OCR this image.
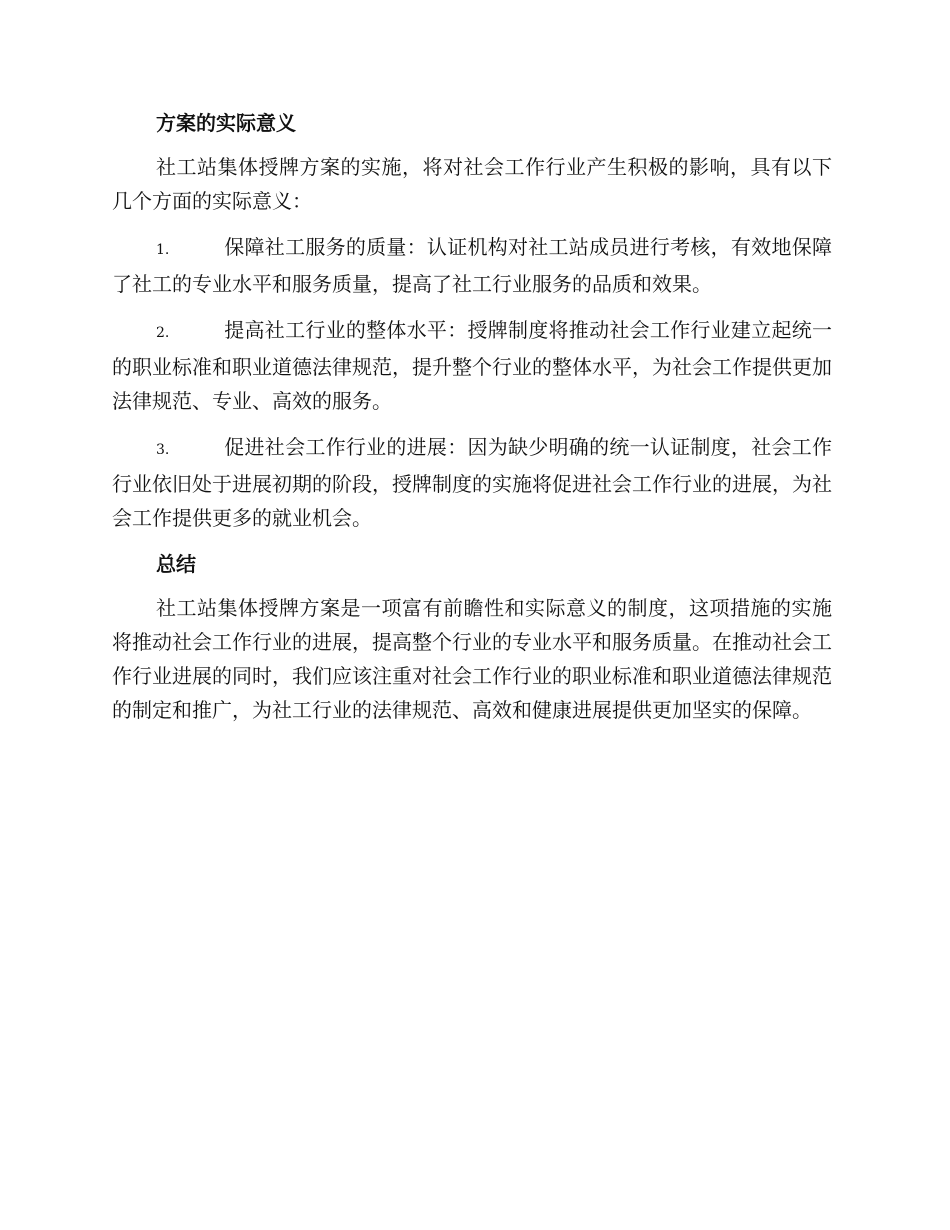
方案的实际意义

社工站集体授牌方案的实施，将对社会工作行业产生积极的影响，具有以下几个方面的实际意义：

1.	保障社工服务的质量：认证机构对社工站成员进行考核，有效地保障了社工的专业水平和服务质量，提高了社工行业服务的品质和效果。

2.	提高社工行业的整体水平：授牌制度将推动社会工作行业建立起统一的职业标准和职业道德法律规范，提升整个行业的整体水平，为社会工作提供更加法律规范、专业、高效的服务。

3.	促进社会工作行业的进展：因为缺少明确的统一认证制度，社会工作行业依旧处于进展初期的阶段，授牌制度的实施将促进社会工作行业的进展，为社会工作提供更多的就业机会。

总结

社工站集体授牌方案是一项富有前瞻性和实际意义的制度，这项措施的实施将推动社会工作行业的进展，提高整个行业的专业水平和服务质量。在推动社会工作行业进展的同时，我们应该注重对社会工作行业的职业标准和职业道德法律规范的制定和推广，为社工行业的法律规范、高效和健康进展提供更加坚实的保障。
